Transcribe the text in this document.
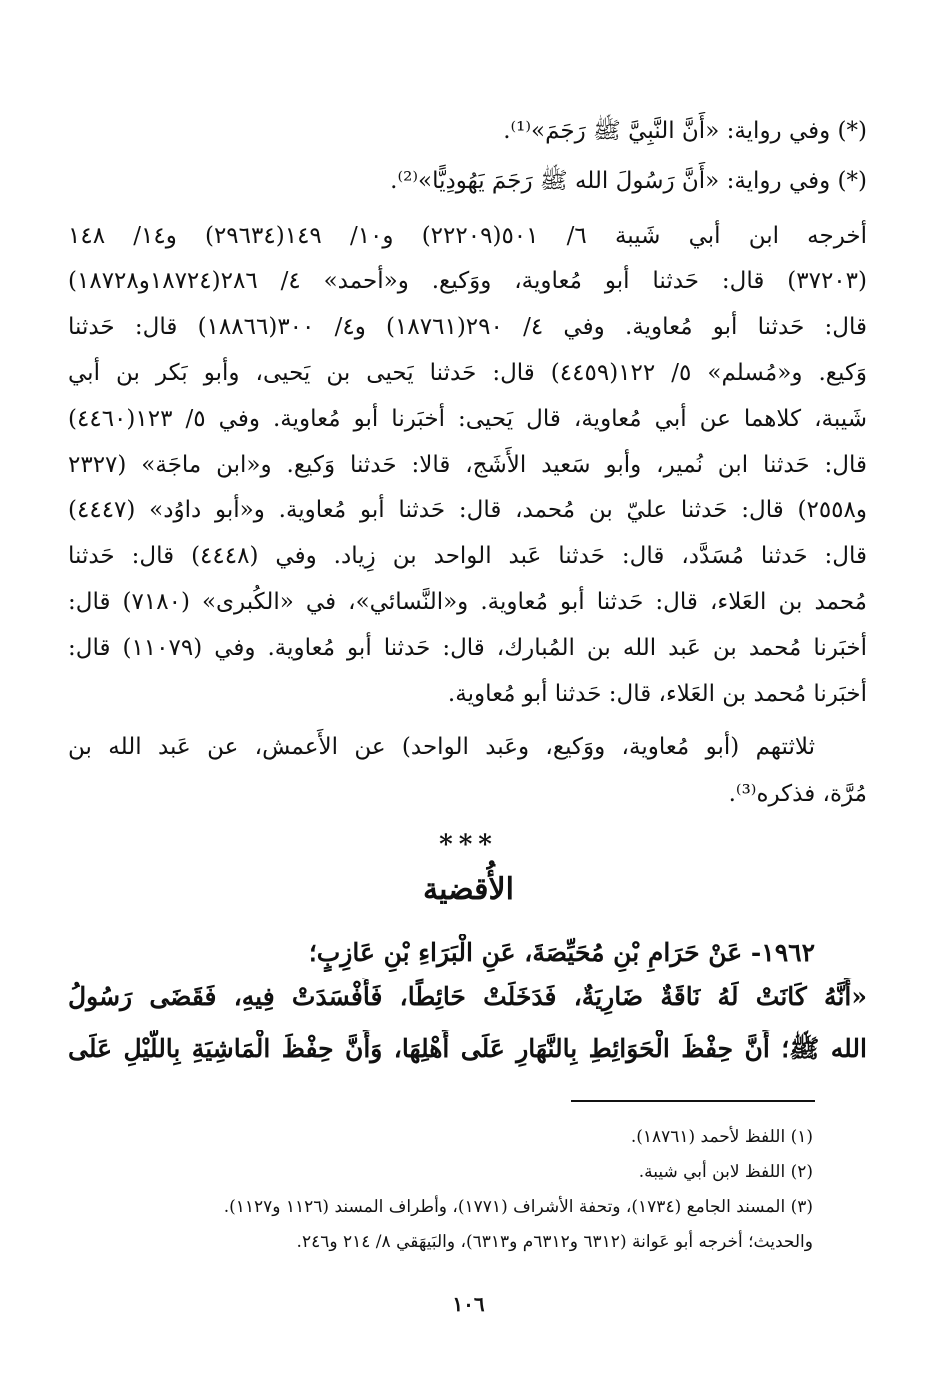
(*) وفي رواية: «أَنَّ النَّبِيَّ ﷺ رَجَمَ»⁽¹⁾.
(*) وفي رواية: «أَنَّ رَسُولَ الله ﷺ رَجَمَ يَهُودِيًّا»⁽²⁾.
أخرجه ابن أبي شَيبة ٦/ ٥٠١(٢٢٢٠٩) و١٠/ ١٤٩(٢٩٦٣٤) و١٤/ ١٤٨
(٣٧٢٠٣) قال: حَدثنا أبو مُعاوية، ووَكيع. و«أحمد» ٤/ ٢٨٦(١٨٧٢٤و١٨٧٢٨)
قال: حَدثنا أبو مُعاوية. وفي ٤/ ٢٩٠(١٨٧٦١) و٤/ ٣٠٠(١٨٨٦٦) قال: حَدثنا
وَكيع. و«مُسلم» ٥/ ١٢٢(٤٤٥٩) قال: حَدثنا يَحيى بن يَحيى، وأبو بَكر بن أبي
شَيبة، كلاهما عن أبي مُعاوية، قال يَحيى: أخبَرنا أبو مُعاوية. وفي ٥/ ١٢٣(٤٤٦٠)
قال: حَدثنا ابن نُمير، وأبو سَعيد الأَشَج، قالا: حَدثنا وَكيع. و«ابن ماجَة» (٢٣٢٧
و٢٥٥٨) قال: حَدثنا عليّ بن مُحمد، قال: حَدثنا أبو مُعاوية. و«أبو داوُد» (٤٤٤٧)
قال: حَدثنا مُسَدَّد، قال: حَدثنا عَبد الواحد بن زِياد. وفي (٤٤٤٨) قال: حَدثنا
مُحمد بن العَلاء، قال: حَدثنا أبو مُعاوية. و«النَّسائي»، في «الكُبرى» (٧١٨٠) قال:
أخبَرنا مُحمد بن عَبد الله بن المُبارك، قال: حَدثنا أبو مُعاوية. وفي (١١٠٧٩) قال:
أخبَرنا مُحمد بن العَلاء، قال: حَدثنا أبو مُعاوية.
ثلاثتهم (أبو مُعاوية، ووَكيع، وعَبد الواحد) عن الأَعمش، عن عَبد الله بن
مُرَّة، فذكره⁽³⁾.
***
الأُقضية
١٩٦٢- عَنْ حَرَامِ بْنِ مُحَيِّصَةَ، عَنِ الْبَرَاءِ بْنِ عَازِبٍ؛
«أَنَّهُ كَانَتْ لَهُ نَاقَةٌ ضَارِيَةٌ، فَدَخَلَتْ حَائِطًا، فَأَفْسَدَتْ فِيهِ، فَقَضَى رَسُولُ
الله ﷺ؛ أَنَّ حِفْظَ الْحَوَائِطِ بِالنَّهَارِ عَلَى أَهْلِهَا، وَأَنَّ حِفْظَ الْمَاشِيَةِ بِاللَّيْلِ عَلَى
(١) اللفظ لأحمد (١٨٧٦١).
(٢) اللفظ لابن أبي شيبة.
(٣) المسند الجامع (١٧٣٤)، وتحفة الأشراف (١٧٧١)، وأطراف المسند (١١٢٦ و١١٢٧).
والحديث؛ أخرجه أبو عَوانة (٦٣١٢ و٦٣١٢م و٦٣١٣)، والبَيهَقي ٨/ ٢١٤ و٢٤٦.
١٠٦
